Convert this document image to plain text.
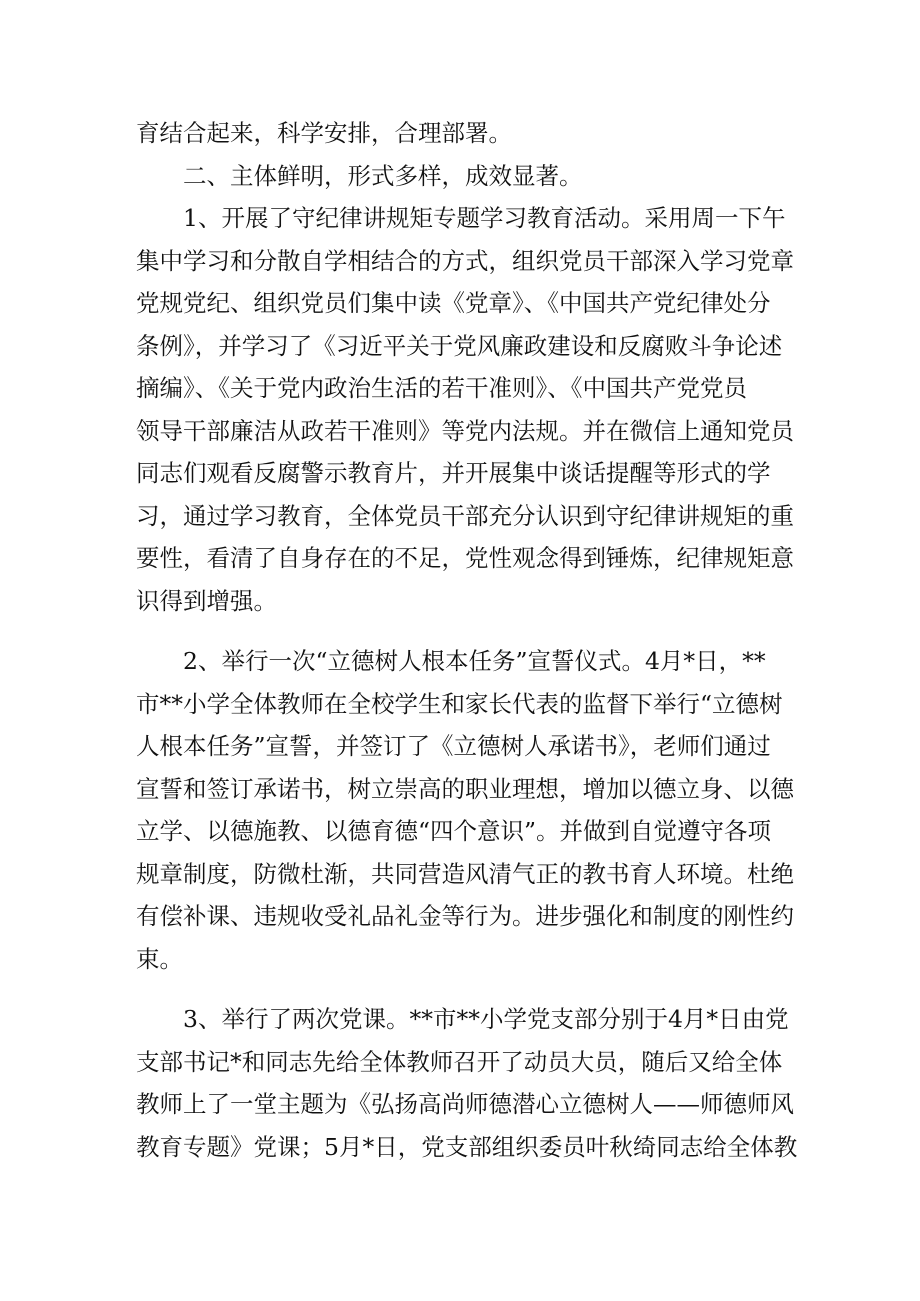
育结合起来，科学安排，合理部署。
二、主体鲜明，形式多样，成效显著。
1、开展了守纪律讲规矩专题学习教育活动。采用周一下午
集中学习和分散自学相结合的方式，组织党员干部深入学习党章
党规党纪、组织党员们集中读《党章》、《中国共产党纪律处分
条例》，并学习了《习近平关于党风廉政建设和反腐败斗争论述
摘编》、《关于党内政治生活的若干准则》、《中国共产党党员
领导干部廉洁从政若干准则》等党内法规。并在微信上通知党员
同志们观看反腐警示教育片，并开展集中谈话提醒等形式的学
习，通过学习教育，全体党员干部充分认识到守纪律讲规矩的重
要性，看清了自身存在的不足，党性观念得到锤炼，纪律规矩意
识得到增强。
2、举行一次“立德树人根本任务”宣誓仪式。4月*日，**
市**小学全体教师在全校学生和家长代表的监督下举行“立德树
人根本任务”宣誓，并签订了《立德树人承诺书》，老师们通过
宣誓和签订承诺书，树立崇高的职业理想，增加以德立身、以德
立学、以德施教、以德育德“四个意识”。并做到自觉遵守各项
规章制度，防微杜渐，共同营造风清气正的教书育人环境。杜绝
有偿补课、违规收受礼品礼金等行为。进步强化和制度的刚性约
束。
3、举行了两次党课。**市**小学党支部分别于4月*日由党
支部书记*和同志先给全体教师召开了动员大员，随后又给全体
教师上了一堂主题为《弘扬高尚师德潜心立德树人——师德师风
教育专题》党课；5月*日，党支部组织委员叶秋绮同志给全体教
